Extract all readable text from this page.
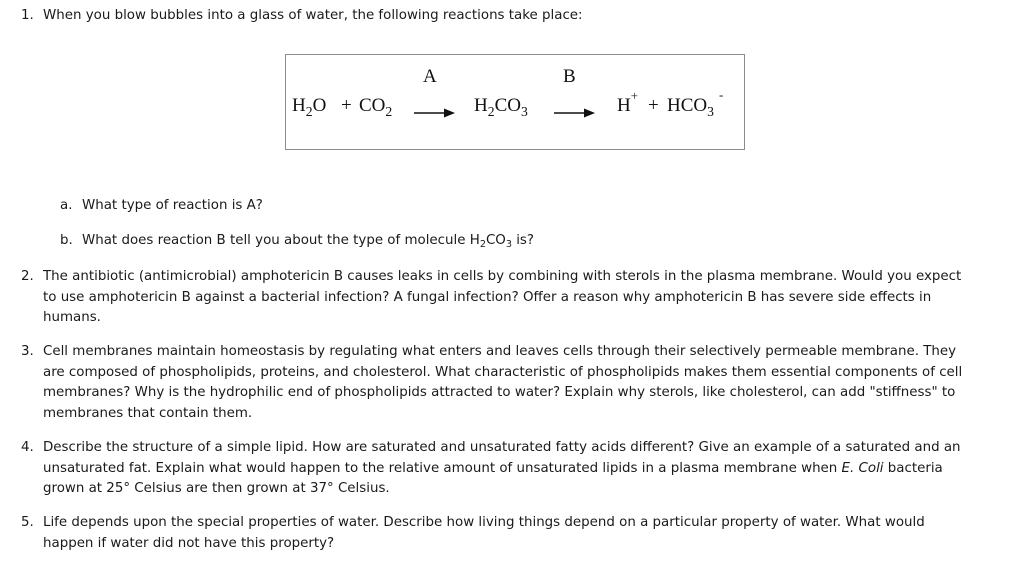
1. When you blow bubbles into a glass of water, the following reactions take place:
A	B
$H_2O + CO_2$	$H_2CO_3$	$H^+ + HCO_3^-$
a. What type of reaction is A?
b. What does reaction B tell you about the type of molecule $H_2CO_3$ is?
2. The antibiotic (antimicrobial) amphotericin B causes leaks in cells by combining with sterols in the plasma membrane. Would you expect
to use amphotericin B against a bacterial infection? A fungal infection? Offer a reason why amphotericin B has severe side effects in
humans.
3. Cell membranes maintain homeostasis by regulating what enters and leaves cells through their selectively permeable membrane. They
are composed of phospholipids, proteins, and cholesterol. What characteristic of phospholipids makes them essential components of cell
membranes? Why is the hydrophilic end of phospholipids attracted to water? Explain why sterols, like cholesterol, can add "stiffness" to
membranes that contain them.
4. Describe the structure of a simple lipid. How are saturated and unsaturated fatty acids different? Give an example of a saturated and an
unsaturated fat. Explain what would happen to the relative amount of unsaturated lipids in a plasma membrane when E. Coli bacteria
grown at 25° Celsius are then grown at 37° Celsius.
5. Life depends upon the special properties of water. Describe how living things depend on a particular property of water. What would
happen if water did not have this property?
